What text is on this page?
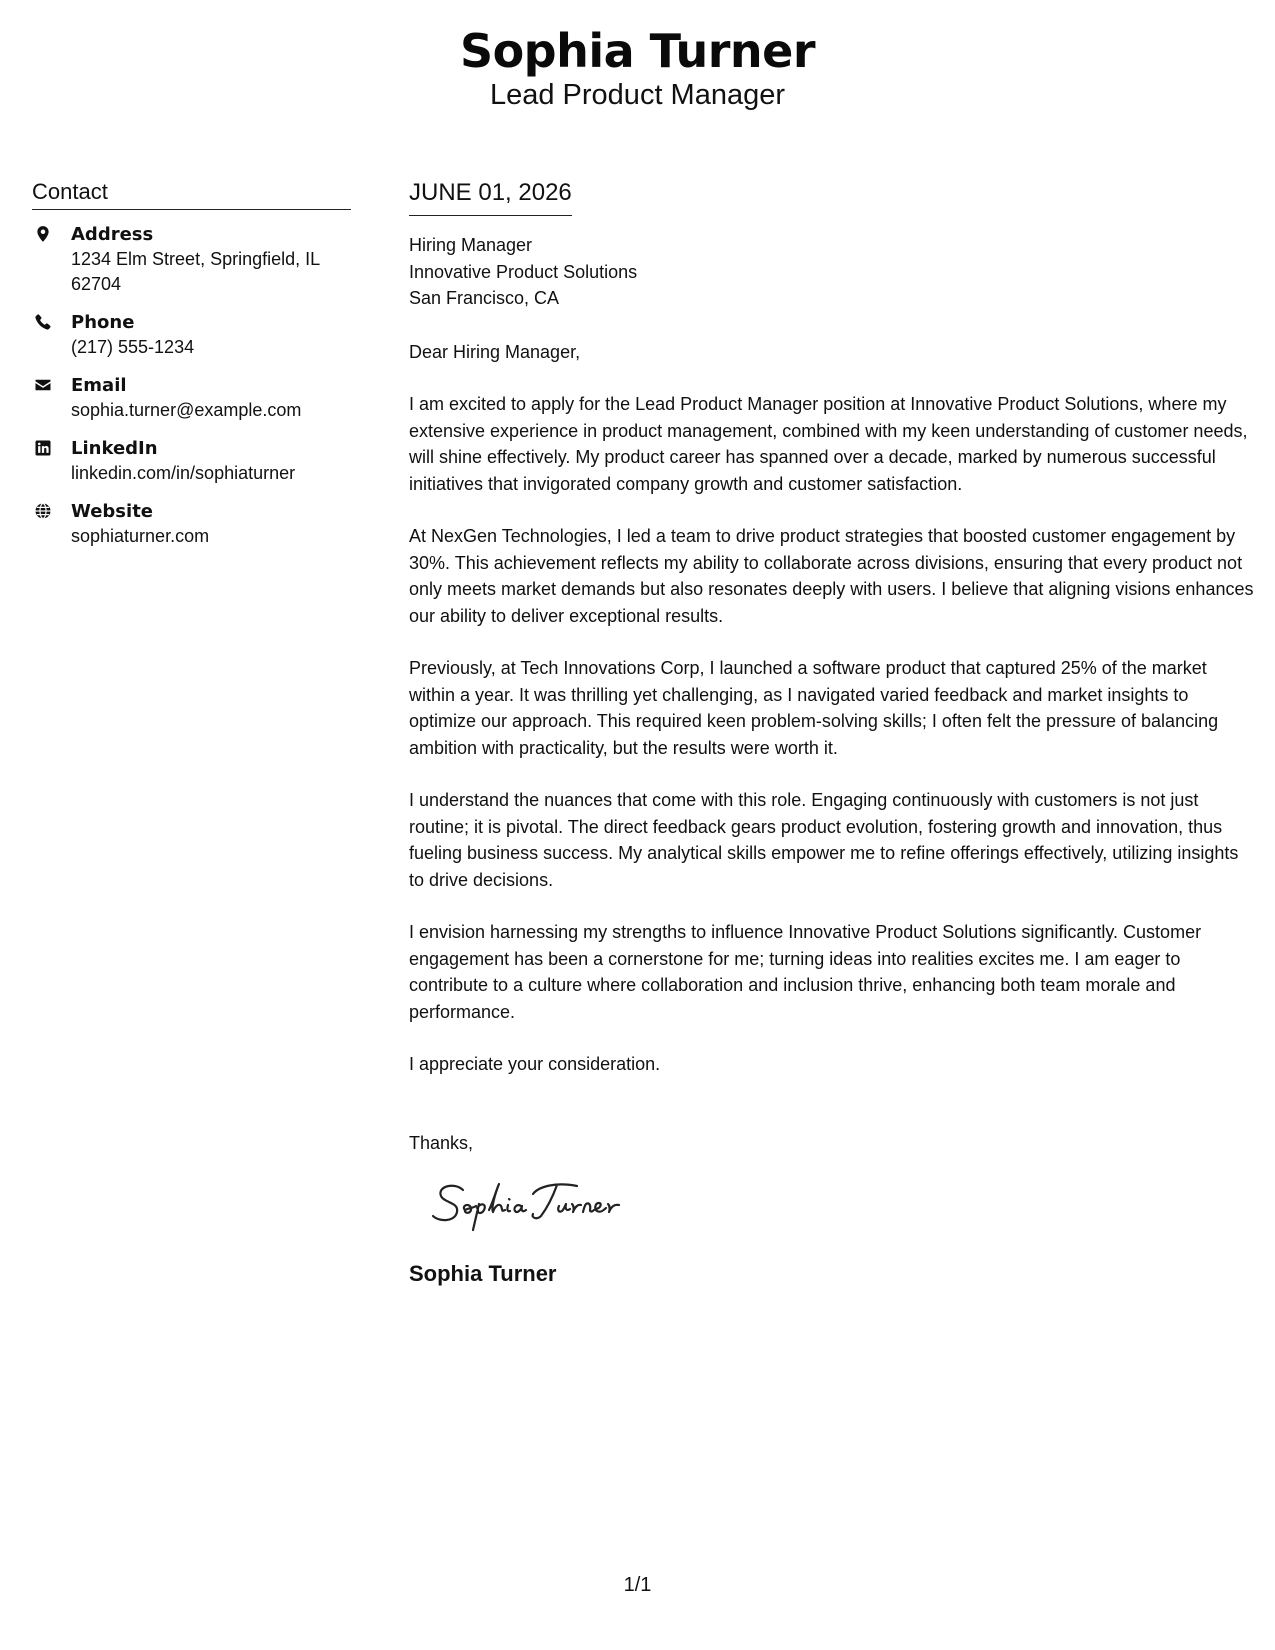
Sophia Turner
Lead Product Manager
Contact
Address
1234 Elm Street, Springfield, IL 62704
Phone
(217) 555-1234
Email
sophia.turner@example.com
LinkedIn
linkedin.com/in/sophiaturner
Website
sophiaturner.com
JUNE 01, 2026
Hiring Manager
Innovative Product Solutions
San Francisco, CA
Dear Hiring Manager,
I am excited to apply for the Lead Product Manager position at Innovative Product Solutions, where my extensive experience in product management, combined with my keen understanding of customer needs, will shine effectively. My product career has spanned over a decade, marked by numerous successful initiatives that invigorated company growth and customer satisfaction.
At NexGen Technologies, I led a team to drive product strategies that boosted customer engagement by 30%. This achievement reflects my ability to collaborate across divisions, ensuring that every product not only meets market demands but also resonates deeply with users. I believe that aligning visions enhances our ability to deliver exceptional results.
Previously, at Tech Innovations Corp, I launched a software product that captured 25% of the market within a year. It was thrilling yet challenging, as I navigated varied feedback and market insights to optimize our approach. This required keen problem-solving skills; I often felt the pressure of balancing ambition with practicality, but the results were worth it.
I understand the nuances that come with this role. Engaging continuously with customers is not just routine; it is pivotal. The direct feedback gears product evolution, fostering growth and innovation, thus fueling business success. My analytical skills empower me to refine offerings effectively, utilizing insights to drive decisions.
I envision harnessing my strengths to influence Innovative Product Solutions significantly. Customer engagement has been a cornerstone for me; turning ideas into realities excites me. I am eager to contribute to a culture where collaboration and inclusion thrive, enhancing both team morale and performance.
I appreciate your consideration.
Thanks,
Sophia Turner
1/1
